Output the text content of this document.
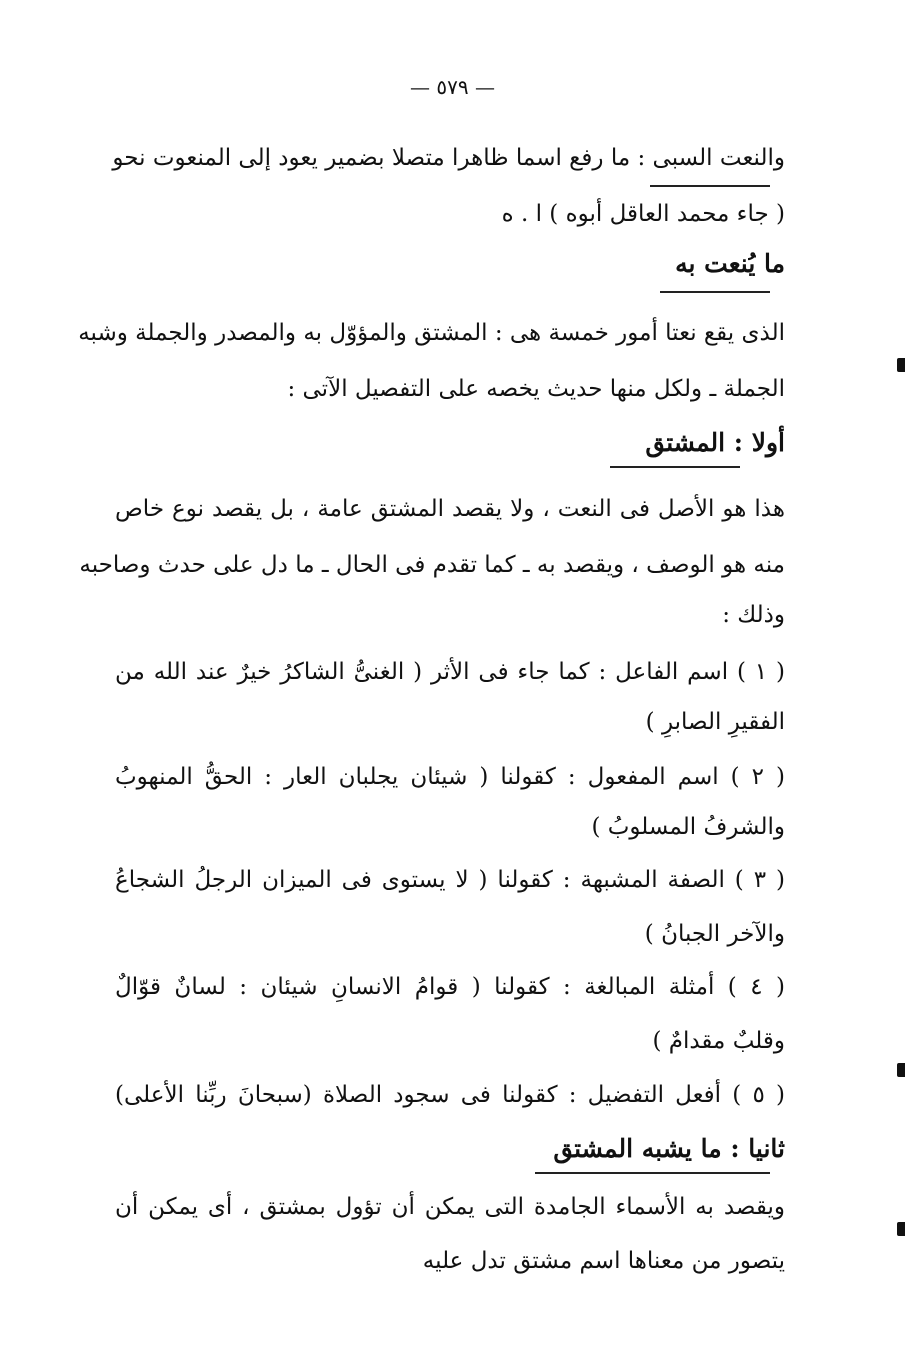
— ٥٧٩ —
والنعت السبى : ما رفع اسما ظاهرا متصلا بضمير يعود إلى المنعوت نحو
( جاء محمد العاقل أبوه ) ا . ه
ما يُنعت به
الذى يقع نعتا أمور خمسة هى : المشتق والمؤوّل به والمصدر والجملة وشبه
الجملة ـ ولكل منها حديث يخصه على التفصيل الآتى :
أولا : المشتق
هذا هو الأصل فى النعت ، ولا يقصد المشتق عامة ، بل يقصد نوع خاص
منه هو الوصف ، ويقصد به ـ كما تقدم فى الحال ـ ما دل على حدث وصاحبه
وذلك :
( ١ ) اسم الفاعل : كما جاء فى الأثر ( الغنىُّ الشاكرُ خيرٌ عند الله من
الفقيرِ الصابرِ )
( ٢ ) اسم المفعول : كقولنا ( شيئان يجلبان العار : الحقُّ المنهوبُ
والشرفُ المسلوبُ )
( ٣ ) الصفة المشبهة : كقولنا ( لا يستوى فى الميزان الرجلُ الشجاعُ
والآخر الجبانُ )
( ٤ ) أمثلة المبالغة : كقولنا ( قوامُ الانسانِ شيئان : لسانٌ قوّالٌ
وقلبٌ مقدامٌ )
( ٥ ) أفعل التفضيل : كقولنا فى سجود الصلاة (سبحانَ ربِّنا الأعلى)
ثانيا : ما يشبه المشتق
ويقصد به الأسماء الجامدة التى يمكن أن تؤول بمشتق ، أى يمكن أن
يتصور من معناها اسم مشتق تدل عليه
